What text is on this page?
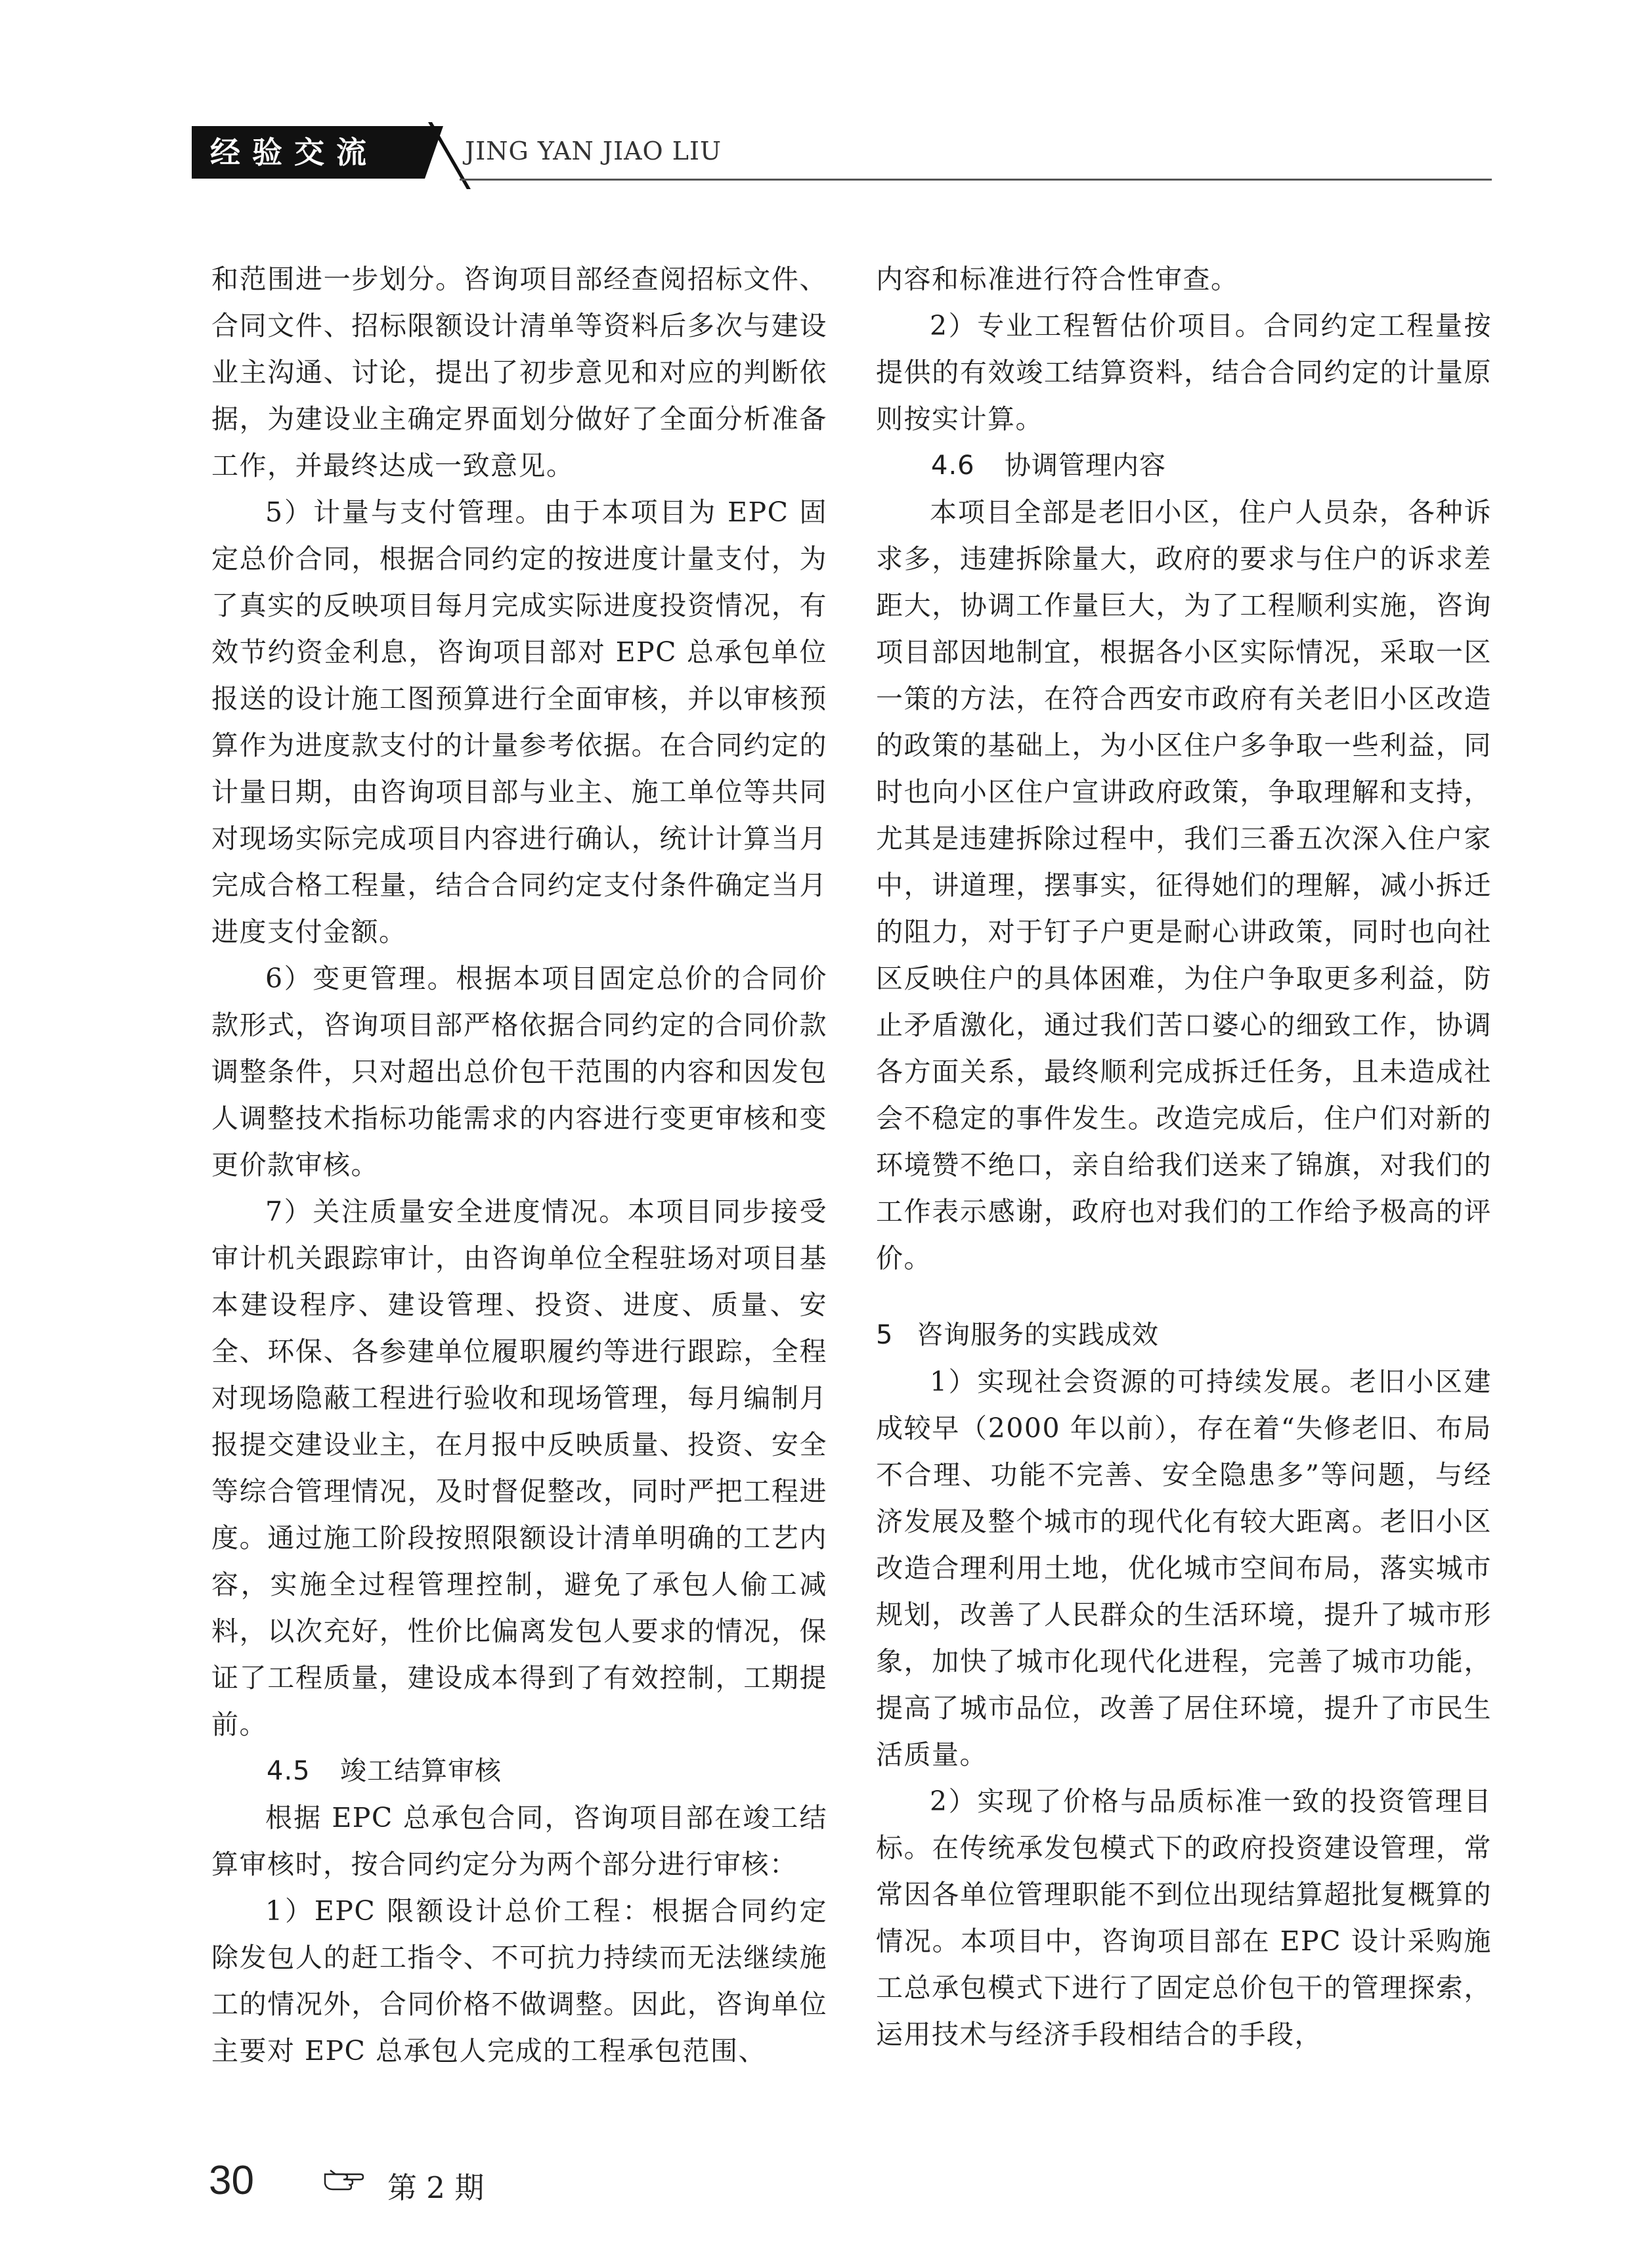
经验交流	JING YAN JIAO LIU

和范围进一步划分。咨询项目部经查阅招标文件、合同文件、招标限额设计清单等资料后多次与建设业主沟通、讨论，提出了初步意见和对应的判断依据，为建设业主确定界面划分做好了全面分析准备工作，并最终达成一致意见。

5）计量与支付管理。由于本项目为 EPC 固定总价合同，根据合同约定的按进度计量支付，为了真实的反映项目每月完成实际进度投资情况，有效节约资金利息，咨询项目部对 EPC 总承包单位报送的设计施工图预算进行全面审核，并以审核预算作为进度款支付的计量参考依据。在合同约定的计量日期，由咨询项目部与业主、施工单位等共同对现场实际完成项目内容进行确认，统计计算当月完成合格工程量，结合合同约定支付条件确定当月进度支付金额。

6）变更管理。根据本项目固定总价的合同价款形式，咨询项目部严格依据合同约定的合同价款调整条件，只对超出总价包干范围的内容和因发包人调整技术指标功能需求的内容进行变更审核和变更价款审核。

7）关注质量安全进度情况。本项目同步接受审计机关跟踪审计，由咨询单位全程驻场对项目基本建设程序、建设管理、投资、进度、质量、安全、环保、各参建单位履职履约等进行跟踪，全程对现场隐蔽工程进行验收和现场管理，每月编制月报提交建设业主，在月报中反映质量、投资、安全等综合管理情况，及时督促整改，同时严把工程进度。通过施工阶段按照限额设计清单明确的工艺内容，实施全过程管理控制，避免了承包人偷工减料，以次充好，性价比偏离发包人要求的情况，保证了工程质量，建设成本得到了有效控制，工期提前。

4.5 竣工结算审核

根据 EPC 总承包合同，咨询项目部在竣工结算审核时，按合同约定分为两个部分进行审核：

1）EPC 限额设计总价工程：根据合同约定除发包人的赶工指令、不可抗力持续而无法继续施工的情况外，合同价格不做调整。因此，咨询单位主要对 EPC 总承包人完成的工程承包范围、

内容和标准进行符合性审查。

2）专业工程暂估价项目。合同约定工程量按提供的有效竣工结算资料，结合合同约定的计量原则按实计算。

4.6 协调管理内容

本项目全部是老旧小区，住户人员杂，各种诉求多，违建拆除量大，政府的要求与住户的诉求差距大，协调工作量巨大，为了工程顺利实施，咨询项目部因地制宜，根据各小区实际情况，采取一区一策的方法，在符合西安市政府有关老旧小区改造的政策的基础上，为小区住户多争取一些利益，同时也向小区住户宣讲政府政策，争取理解和支持，尤其是违建拆除过程中，我们三番五次深入住户家中，讲道理，摆事实，征得她们的理解，减小拆迁的阻力，对于钉子户更是耐心讲政策，同时也向社区反映住户的具体困难，为住户争取更多利益，防止矛盾激化，通过我们苦口婆心的细致工作，协调各方面关系，最终顺利完成拆迁任务，且未造成社会不稳定的事件发生。改造完成后，住户们对新的环境赞不绝口，亲自给我们送来了锦旗，对我们的工作表示感谢，政府也对我们的工作给予极高的评价。

5 咨询服务的实践成效

1）实现社会资源的可持续发展。老旧小区建成较早（2000 年以前），存在着“失修老旧、布局不合理、功能不完善、安全隐患多”等问题，与经济发展及整个城市的现代化有较大距离。老旧小区改造合理利用土地，优化城市空间布局，落实城市规划，改善了人民群众的生活环境，提升了城市形象，加快了城市化现代化进程，完善了城市功能，提高了城市品位，改善了居住环境，提升了市民生活质量。

2）实现了价格与品质标准一致的投资管理目标。在传统承发包模式下的政府投资建设管理，常常因各单位管理职能不到位出现结算超批复概算的情况。本项目中，咨询项目部在 EPC 设计采购施工总承包模式下进行了固定总价包干的管理探索，运用技术与经济手段相结合的手段，

30	第 2 期
